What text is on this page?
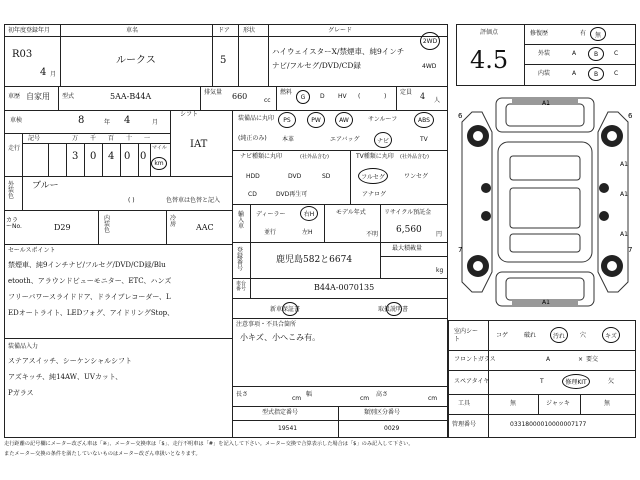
初年度登録年月
R03
4 月
車名
ルークス
ドア
5
形状	グレード
ハイウェイスターX/禁煙車、純9インチ
ナビ/フルセグ/DVD/CD録
2WD
4WD
車歴 自家用 型式	5AA-B44A	排気量 660	cc
燃料
G D HV (	)
定員 4 人
車検	8	年 4	月
シフト
IAT
走行
記号	万 千 百 十 一
3 0 4 0 0
マイル
km
外装色
ブルー
( )	色替車は色替と記入
カラーNo.	D29
内装色
冷房 AAC
セールスポイント
禁煙車、純9インチナビ/フルセグ/DVD/CD録/Blu
etooth、アラウンドビューモニター、ETC、ハンズ
フリーパワースライドドア、ドライブレコーダー、L
EDオートライト、LEDフォグ、アイドリングStop、
装備品入力
ステアスイッチ、シーケンシャルシフト
アズキッチ、純14AW、UVカット、
Pガラス
装備品に丸印
(純正のみ)
PS	PW	AW	サンルーフ	ABS
本革	エアバッグ	ナビ	TV
ナビ種類に丸印	(社外品含む)
HDD	DVD	SD
CD	DVD再生可
TV種類に丸印 (社外品含む)
フルセグ	ワンセグ
アナログ
輸入車
ディーラー
並行
右H
左H
モデル年式
不明
リサイクル預託金
6,560 円
登録番号
鹿児島582と6674
最大積載量
kg
車台番号	B44A-0070135
新車保証書	取扱説明書
注意事項・不具合箇所
小キズ、小へこみ有。
長さ
cm
幅
cm
高さ
cm
型式指定番号
19541
類別区分番号
0029
評価点
4.5
修復歴	有 無
外装	A	B	C
内装	A	B	C
A1
A1
A1
A1
A1
6	6
7	7
室内シート
コゲ	破れ	汚れ	穴	キズ
フロントガラス	A	× 要交
スペアタイヤ	T	修理KIT	欠
工具	無	ジャッキ	無
管理番号	03318000010000007177
走行距離の記号欄にメーター改ざん車は「※」、メーター交換車は「$」、走行不明車は「#」を記入して下さい。メーター交換で合算表示した場合は「$」のみ記入して下さい。
またメーター交換の条件を満たしていないものはメーター改ざん車扱いとなります。
